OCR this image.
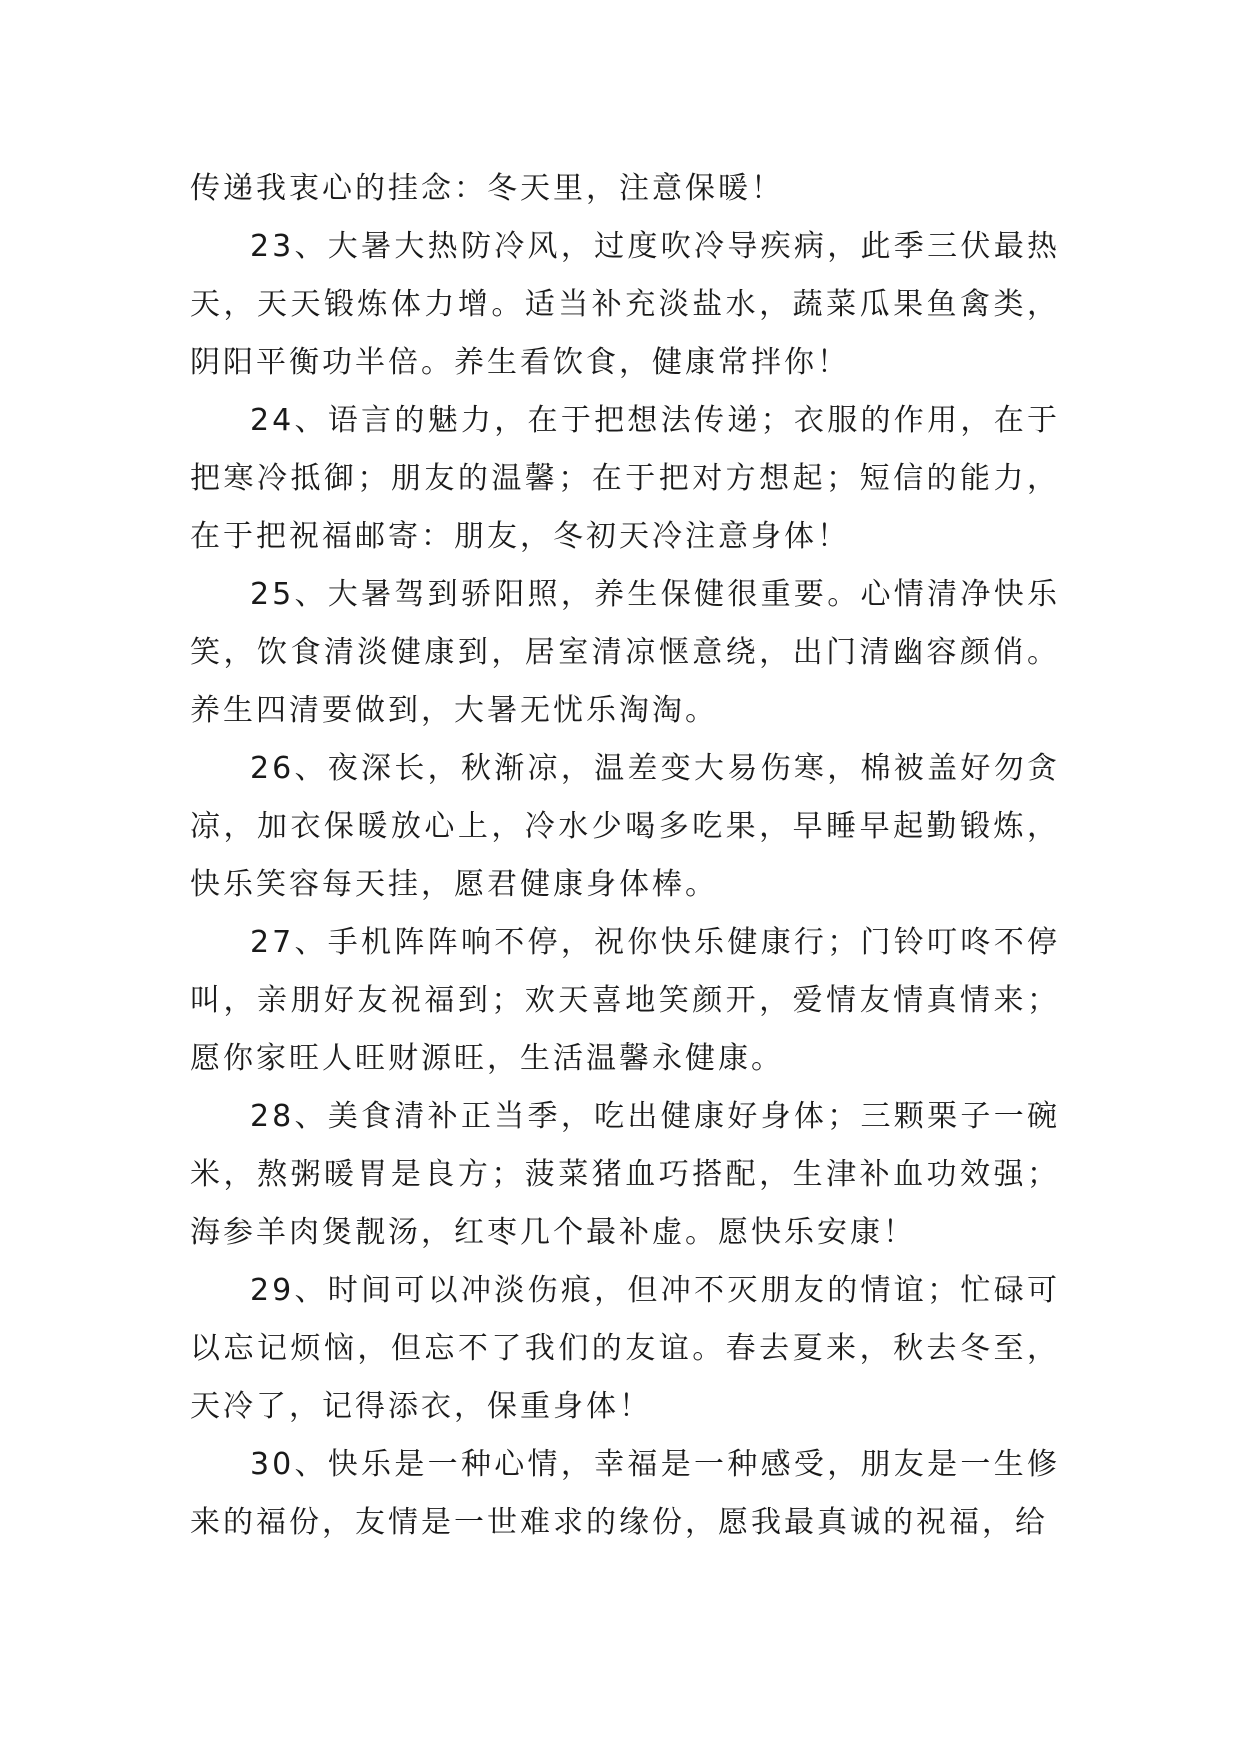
传递我衷心的挂念：冬天里，注意保暖！

23、大暑大热防冷风，过度吹冷导疾病，此季三伏最热天，天天锻炼体力增。适当补充淡盐水，蔬菜瓜果鱼禽类，阴阳平衡功半倍。养生看饮食，健康常拌你！

24、语言的魅力，在于把想法传递；衣服的作用，在于把寒冷抵御；朋友的温馨；在于把对方想起；短信的能力，在于把祝福邮寄：朋友，冬初天冷注意身体！

25、大暑驾到骄阳照，养生保健很重要。心情清净快乐笑，饮食清淡健康到，居室清凉惬意绕，出门清幽容颜俏。养生四清要做到，大暑无忧乐淘淘。

26、夜深长，秋渐凉，温差变大易伤寒，棉被盖好勿贪凉，加衣保暖放心上，冷水少喝多吃果，早睡早起勤锻炼，快乐笑容每天挂，愿君健康身体棒。

27、手机阵阵响不停，祝你快乐健康行；门铃叮咚不停叫，亲朋好友祝福到；欢天喜地笑颜开，爱情友情真情来；愿你家旺人旺财源旺，生活温馨永健康。

28、美食清补正当季，吃出健康好身体；三颗栗子一碗米，熬粥暖胃是良方；菠菜猪血巧搭配，生津补血功效强；海参羊肉煲靓汤，红枣几个最补虚。愿快乐安康！

29、时间可以冲淡伤痕，但冲不灭朋友的情谊；忙碌可以忘记烦恼，但忘不了我们的友谊。春去夏来，秋去冬至，天冷了，记得添衣，保重身体！

30、快乐是一种心情，幸福是一种感受，朋友是一生修来的福份，友情是一世难求的缘份，愿我最真诚的祝福，给
